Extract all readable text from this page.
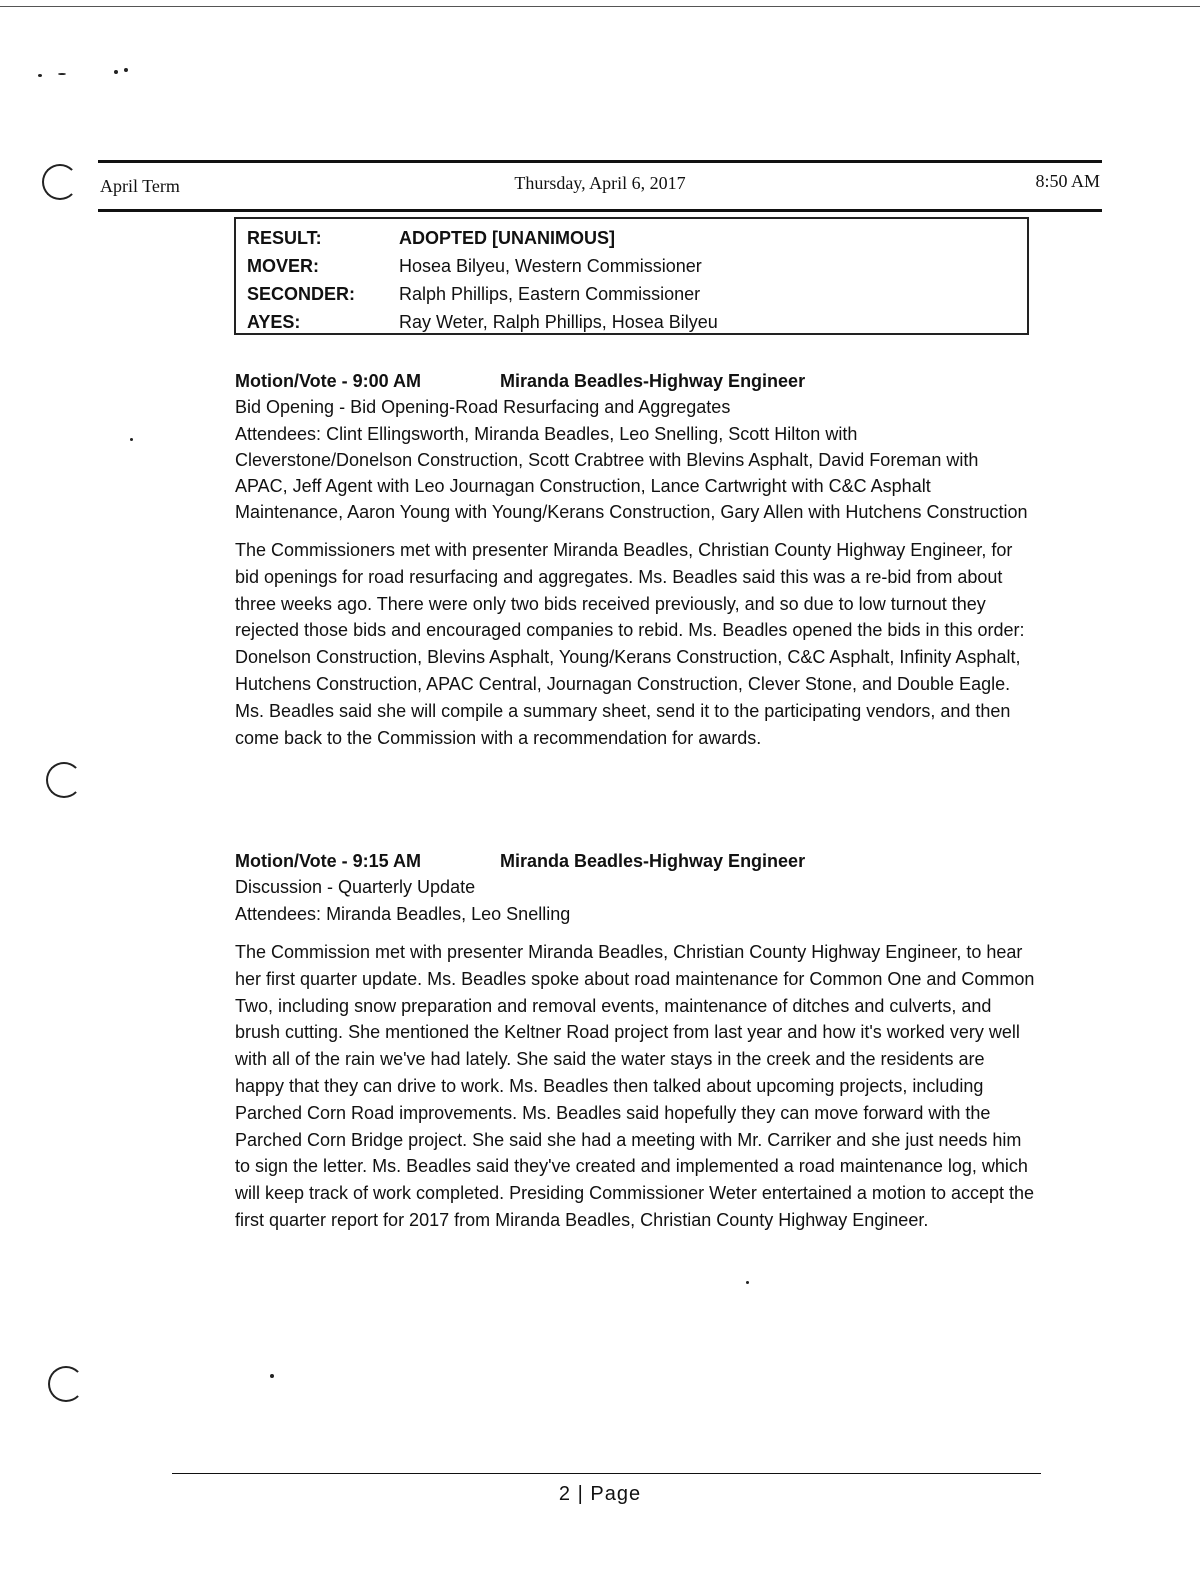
April Term	Thursday, April 6, 2017	8:50 AM
RESULT:	ADOPTED [UNANIMOUS]
MOVER:	Hosea Bilyeu, Western Commissioner
SECONDER:	Ralph Phillips, Eastern Commissioner
AYES:	Ray Weter, Ralph Phillips, Hosea Bilyeu
Motion/Vote - 9:00 AM	Miranda Beadles-Highway Engineer
Bid Opening - Bid Opening-Road Resurfacing and Aggregates

Attendees: Clint Ellingsworth, Miranda Beadles, Leo Snelling, Scott Hilton with Cleverstone/Donelson Construction, Scott Crabtree with Blevins Asphalt, David Foreman with APAC, Jeff Agent with Leo Journagan Construction, Lance Cartwright with C&C Asphalt Maintenance, Aaron Young with Young/Kerans Construction, Gary Allen with Hutchens Construction

The Commissioners met with presenter Miranda Beadles, Christian County Highway Engineer, for bid openings for road resurfacing and aggregates. Ms. Beadles said this was a re-bid from about three weeks ago. There were only two bids received previously, and so due to low turnout they rejected those bids and encouraged companies to rebid. Ms. Beadles opened the bids in this order: Donelson Construction, Blevins Asphalt, Young/Kerans Construction, C&C Asphalt, Infinity Asphalt, Hutchens Construction, APAC Central, Journagan Construction, Clever Stone, and Double Eagle. Ms. Beadles said she will compile a summary sheet, send it to the participating vendors, and then come back to the Commission with a recommendation for awards.

Motion/Vote - 9:15 AM	Miranda Beadles-Highway Engineer
Discussion - Quarterly Update

Attendees: Miranda Beadles, Leo Snelling

The Commission met with presenter Miranda Beadles, Christian County Highway Engineer, to hear her first quarter update. Ms. Beadles spoke about road maintenance for Common One and Common Two, including snow preparation and removal events, maintenance of ditches and culverts, and brush cutting. She mentioned the Keltner Road project from last year and how it's worked very well with all of the rain we've had lately. She said the water stays in the creek and the residents are happy that they can drive to work. Ms. Beadles then talked about upcoming projects, including Parched Corn Road improvements. Ms. Beadles said hopefully they can move forward with the Parched Corn Bridge project. She said she had a meeting with Mr. Carriker and she just needs him to sign the letter. Ms. Beadles said they've created and implemented a road maintenance log, which will keep track of work completed. Presiding Commissioner Weter entertained a motion to accept the first quarter report for 2017 from Miranda Beadles, Christian County Highway Engineer.

2 | Page
